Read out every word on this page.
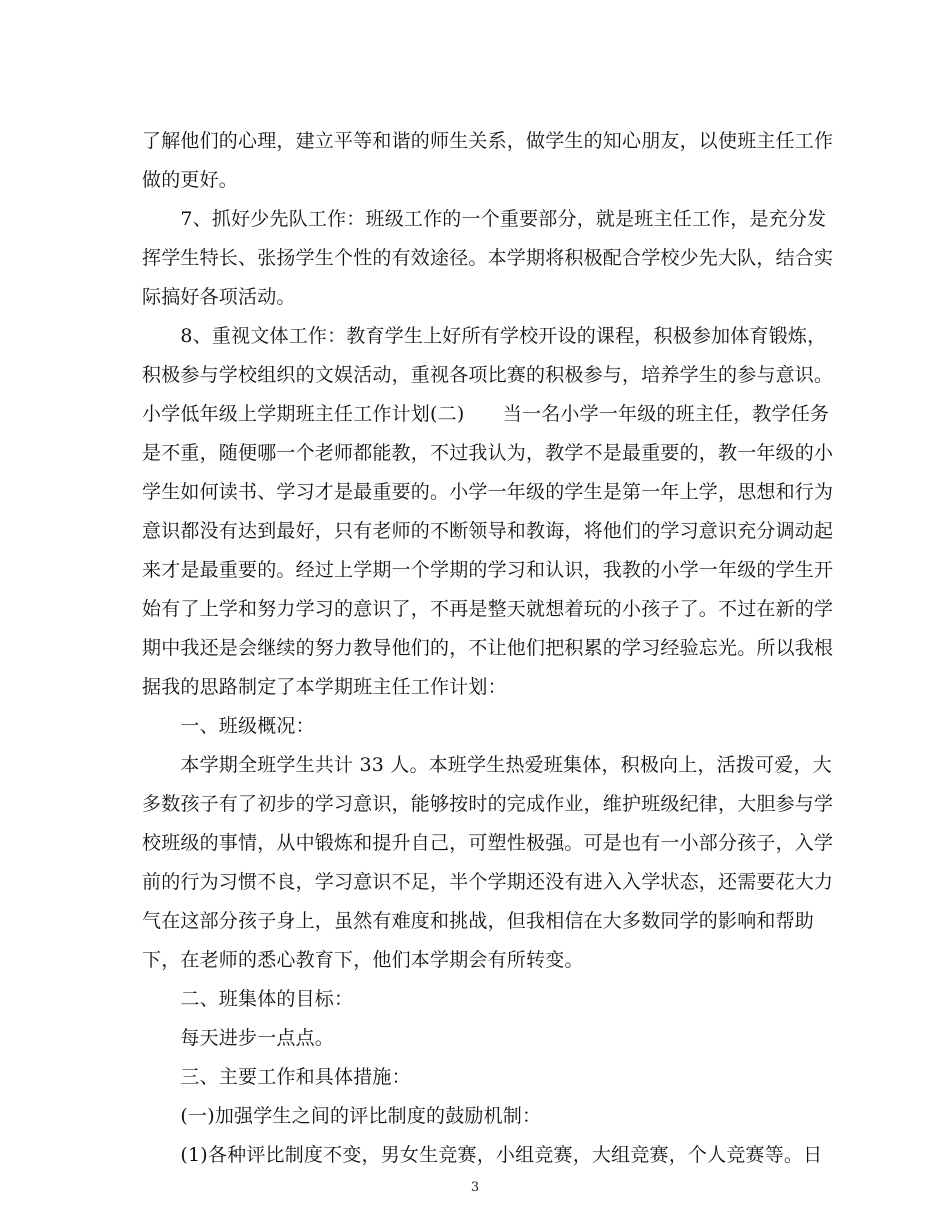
了解他们的心理，建立平等和谐的师生关系，做学生的知心朋友，以使班主任工作
做的更好。
　　7、抓好少先队工作：班级工作的一个重要部分，就是班主任工作，是充分发
挥学生特长、张扬学生个性的有效途径。本学期将积极配合学校少先大队，结合实
际搞好各项活动。
　　8、重视文体工作：教育学生上好所有学校开设的课程，积极参加体育锻炼，
积极参与学校组织的文娱活动，重视各项比赛的积极参与，培养学生的参与意识。
小学低年级上学期班主任工作计划(二)　　当一名小学一年级的班主任，教学任务
是不重，随便哪一个老师都能教，不过我认为，教学不是最重要的，教一年级的小
学生如何读书、学习才是最重要的。小学一年级的学生是第一年上学，思想和行为
意识都没有达到最好，只有老师的不断领导和教诲，将他们的学习意识充分调动起
来才是最重要的。经过上学期一个学期的学习和认识，我教的小学一年级的学生开
始有了上学和努力学习的意识了，不再是整天就想着玩的小孩子了。不过在新的学
期中我还是会继续的努力教导他们的，不让他们把积累的学习经验忘光。所以我根
据我的思路制定了本学期班主任工作计划：
　　一、班级概况：
　　本学期全班学生共计 33 人。本班学生热爱班集体，积极向上，活拨可爱，大
多数孩子有了初步的学习意识，能够按时的完成作业，维护班级纪律，大胆参与学
校班级的事情，从中锻炼和提升自己，可塑性极强。可是也有一小部分孩子，入学
前的行为习惯不良，学习意识不足，半个学期还没有进入入学状态，还需要花大力
气在这部分孩子身上，虽然有难度和挑战，但我相信在大多数同学的影响和帮助
下，在老师的悉心教育下，他们本学期会有所转变。
　　二、班集体的目标：
　　每天进步一点点。
　　三、主要工作和具体措施：
　　(一)加强学生之间的评比制度的鼓励机制：
　　(1)各种评比制度不变，男女生竞赛，小组竞赛，大组竞赛，个人竞赛等。日
3
